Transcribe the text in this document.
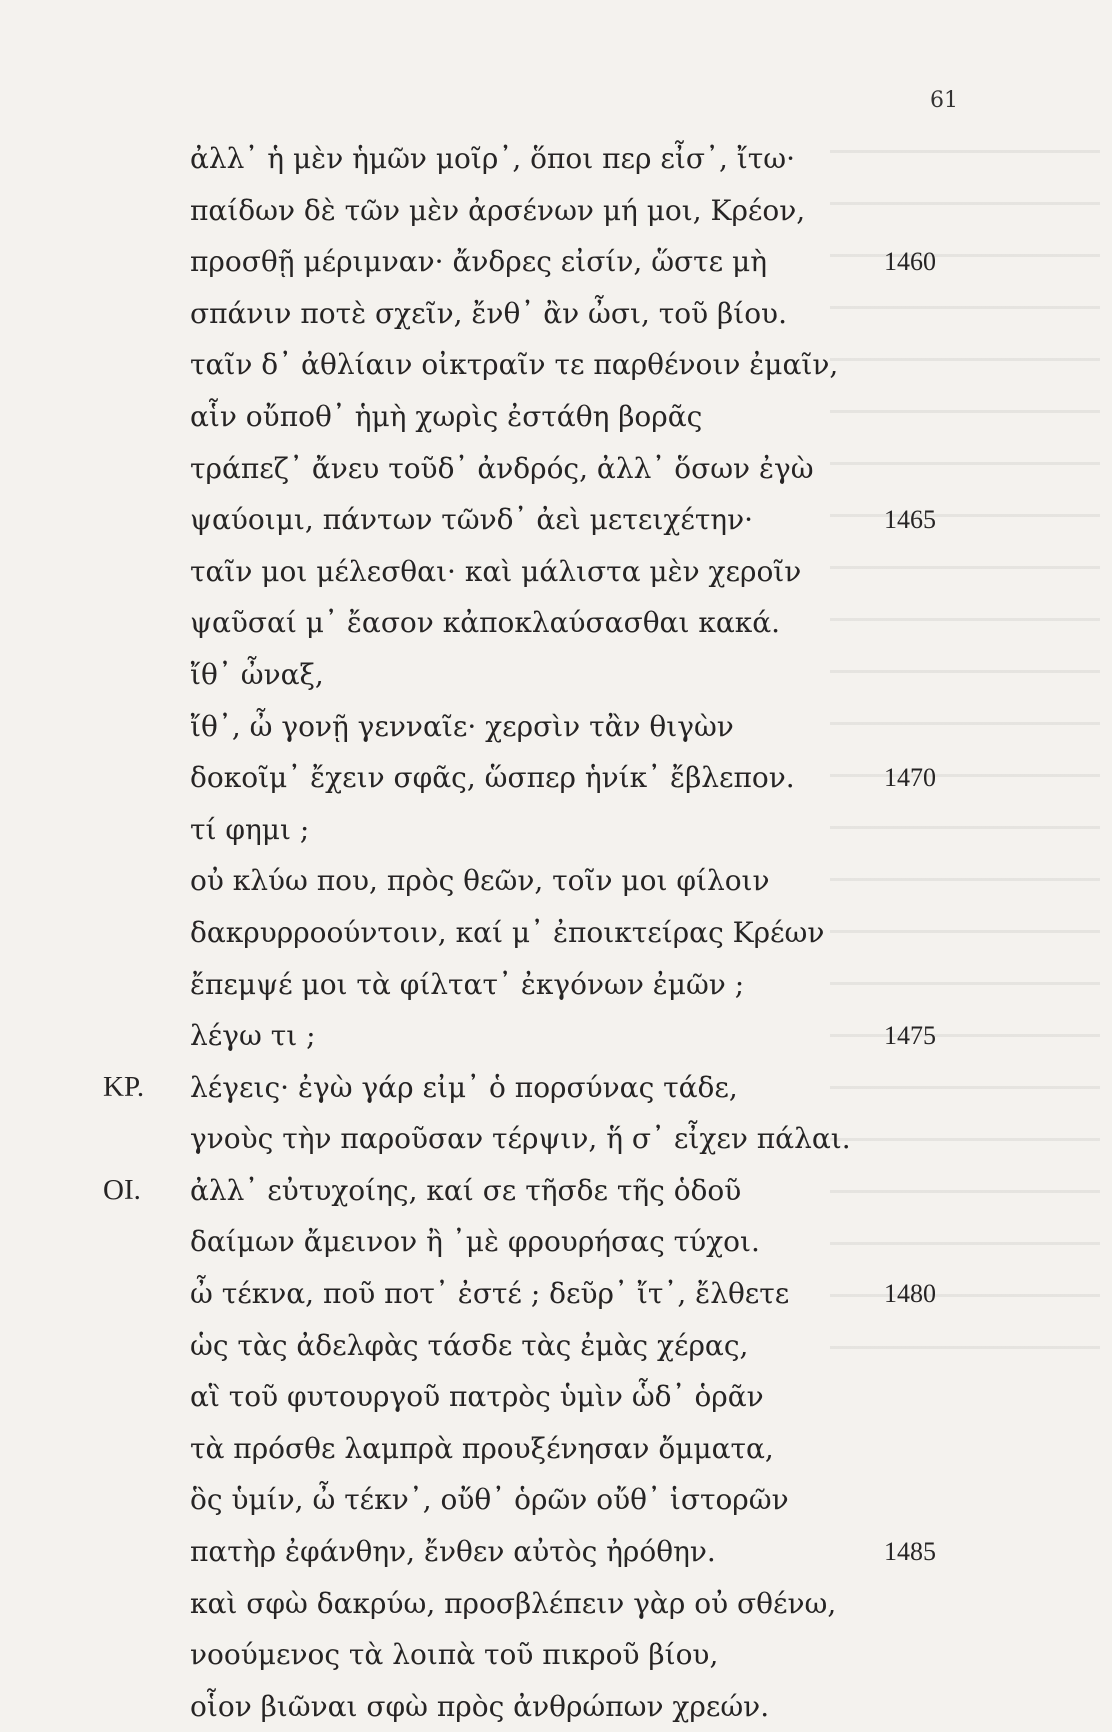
61
ἀλλ᾽ ἡ μὲν ἡμῶν μοῖρ᾽, ὅποι περ εἶσ᾽, ἴτω·
παίδων δὲ τῶν μὲν ἀρσένων μή μοι, Κρέον,
προσθῇ μέριμναν· ἄνδρες εἰσίν, ὥστε μὴ	1460
σπάνιν ποτὲ σχεῖν, ἔνθ᾽ ἂν ὦσι, τοῦ βίου.
ταῖν δ᾽ ἀθλίαιν οἰκτραῖν τε παρθένοιν ἐμαῖν,
αἷν οὔποθ᾽ ἡμὴ χωρὶς ἐστάθη βορᾶς
τράπεζ᾽ ἄνευ τοῦδ᾽ ἀνδρός, ἀλλ᾽ ὅσων ἐγὼ
ψαύοιμι, πάντων τῶνδ᾽ ἀεὶ μετειχέτην·	1465
ταῖν μοι μέλεσθαι· καὶ μάλιστα μὲν χεροῖν
ψαῦσαί μ᾽ ἔασον κἀποκλαύσασθαι κακά.
ἴθ᾽ ὦναξ,
ἴθ᾽, ὦ γονῇ γενναῖε· χερσὶν τἂν θιγὼν
δοκοῖμ᾽ ἔχειν σφᾶς, ὥσπερ ἡνίκ᾽ ἔβλεπον.	1470
τί φημι ;
οὐ κλύω που, πρὸς θεῶν, τοῖν μοι φίλοιν
δακρυρροούντοιν, καί μ᾽ ἐποικτείρας Κρέων
ἔπεμψέ μοι τὰ φίλτατ᾽ ἐκγόνων ἐμῶν ;
λέγω τι ;	1475
ΚΡ. λέγεις· ἐγὼ γάρ εἰμ᾽ ὁ πορσύνας τάδε,
γνοὺς τὴν παροῦσαν τέρψιν, ἥ σ᾽ εἶχεν πάλαι.
ΟΙ. ἀλλ᾽ εὐτυχοίης, καί σε τῆσδε τῆς ὁδοῦ
δαίμων ἄμεινον ἢ ᾽μὲ φρουρήσας τύχοι.
ὦ τέκνα, ποῦ ποτ᾽ ἐστέ ; δεῦρ᾽ ἴτ᾽, ἔλθετε	1480
ὡς τὰς ἀδελφὰς τάσδε τὰς ἐμὰς χέρας,
αἳ τοῦ φυτουργοῦ πατρὸς ὑμὶν ὧδ᾽ ὁρᾶν
τὰ πρόσθε λαμπρὰ προυξένησαν ὄμματα,
ὃς ὑμίν, ὦ τέκν᾽, οὔθ᾽ ὁρῶν οὔθ᾽ ἱστορῶν
πατὴρ ἐφάνθην, ἔνθεν αὐτὸς ἠρόθην.	1485
καὶ σφὼ δακρύω, προσβλέπειν γὰρ οὐ σθένω,
νοούμενος τὰ λοιπὰ τοῦ πικροῦ βίου,
οἷον βιῶναι σφὼ πρὸς ἀνθρώπων χρεών.
